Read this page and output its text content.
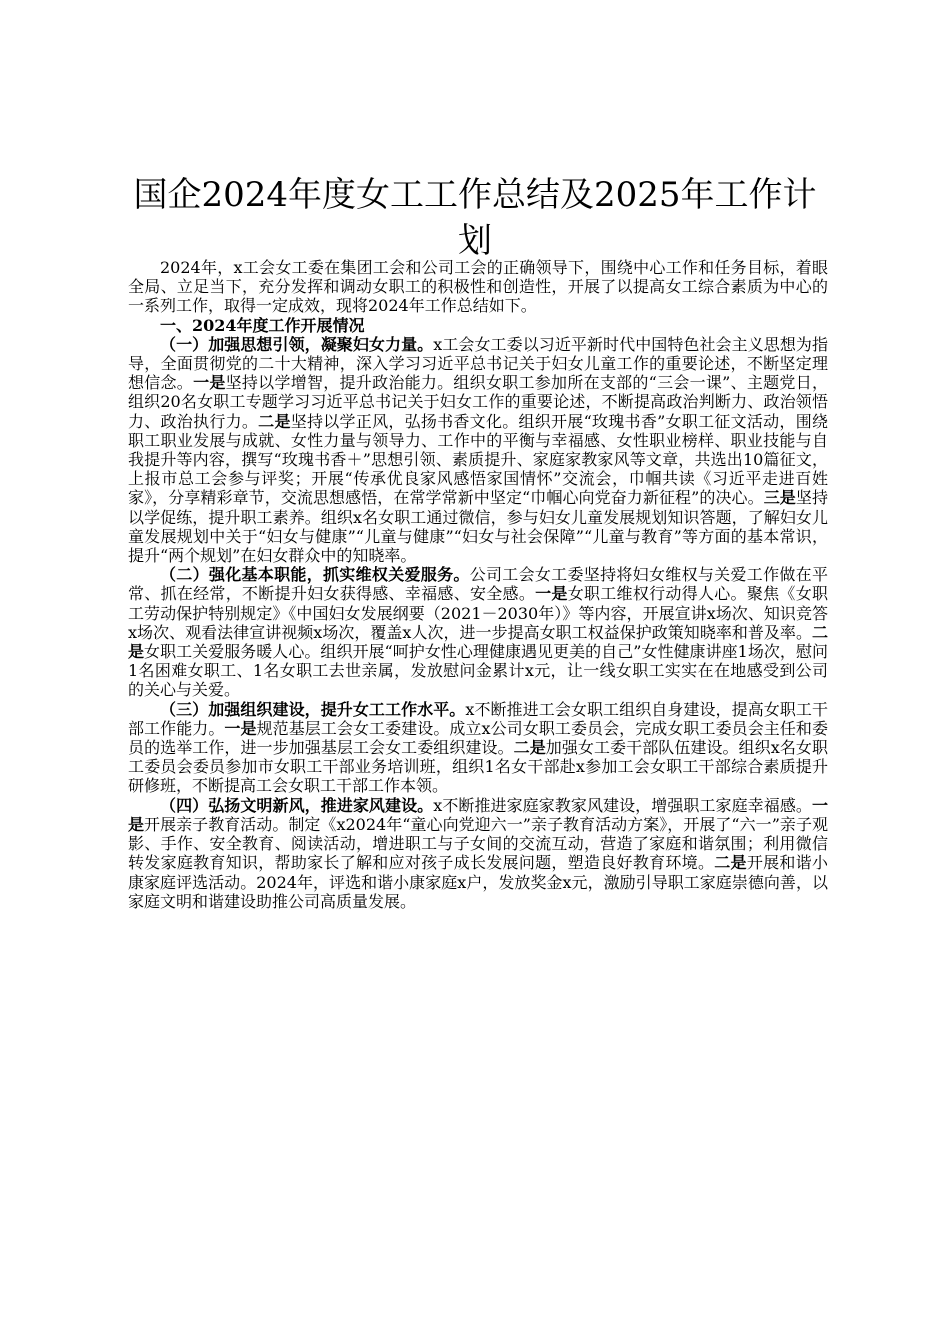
国企2024年度女工工作总结及2025年工作计划

2024年，x工会女工委在集团工会和公司工会的正确领导下，围绕中心工作和任务目标，着眼全局、立足当下，充分发挥和调动女职工的积极性和创造性，开展了以提高女工综合素质为中心的一系列工作，取得一定成效，现将2024年工作总结如下。

一、2024年度工作开展情况

（一）加强思想引领，凝聚妇女力量。x工会女工委以习近平新时代中国特色社会主义思想为指导，全面贯彻党的二十大精神，深入学习习近平总书记关于妇女儿童工作的重要论述，不断坚定理想信念。一是坚持以学增智，提升政治能力。组织女职工参加所在支部的“三会一课”、主题党日，组织20名女职工专题学习习近平总书记关于妇女工作的重要论述，不断提高政治判断力、政治领悟力、政治执行力。二是坚持以学正风，弘扬书香文化。组织开展“玫瑰书香”女职工征文活动，围绕职工职业发展与成就、女性力量与领导力、工作中的平衡与幸福感、女性职业榜样、职业技能与自我提升等内容，撰写“玫瑰书香＋”思想引领、素质提升、家庭家教家风等文章，共选出10篇征文，上报市总工会参与评奖；开展“传承优良家风感悟家国情怀”交流会，巾帼共读《习近平走进百姓家》，分享精彩章节，交流思想感悟，在常学常新中坚定“巾帼心向党奋力新征程”的决心。三是坚持以学促练，提升职工素养。组织x名女职工通过微信，参与妇女儿童发展规划知识答题，了解妇女儿童发展规划中关于“妇女与健康”“儿童与健康”“妇女与社会保障”“儿童与教育”等方面的基本常识，提升“两个规划”在妇女群众中的知晓率。

（二）强化基本职能，抓实维权关爱服务。公司工会女工委坚持将妇女维权与关爱工作做在平常、抓在经常，不断提升妇女获得感、幸福感、安全感。一是女职工维权行动得人心。聚焦《女职工劳动保护特别规定》《中国妇女发展纲要（2021－2030年）》等内容，开展宣讲x场次、知识竞答x场次、观看法律宣讲视频x场次，覆盖x人次，进一步提高女职工权益保护政策知晓率和普及率。二是女职工关爱服务暖人心。组织开展“呵护女性心理健康遇见更美的自己”女性健康讲座1场次，慰问1名困难女职工、1名女职工去世亲属，发放慰问金累计x元，让一线女职工实实在在地感受到公司的关心与关爱。

（三）加强组织建设，提升女工工作水平。x不断推进工会女职工组织自身建设，提高女职工干部工作能力。一是规范基层工会女工委建设。成立x公司女职工委员会，完成女职工委员会主任和委员的选举工作，进一步加强基层工会女工委组织建设。二是加强女工委干部队伍建设。组织x名女职工委员会委员参加市女职工干部业务培训班，组织1名女干部赴x参加工会女职工干部综合素质提升研修班，不断提高工会女职工干部工作本领。

（四）弘扬文明新风，推进家风建设。x不断推进家庭家教家风建设，增强职工家庭幸福感。一是开展亲子教育活动。制定《x2024年“童心向党迎六一”亲子教育活动方案》，开展了“六一”亲子观影、手作、安全教育、阅读活动，增进职工与子女间的交流互动，营造了家庭和谐氛围；利用微信转发家庭教育知识，帮助家长了解和应对孩子成长发展问题，塑造良好教育环境。二是开展和谐小康家庭评选活动。2024年，评选和谐小康家庭x户，发放奖金x元，激励引导职工家庭崇德向善，以家庭文明和谐建设助推公司高质量发展。
